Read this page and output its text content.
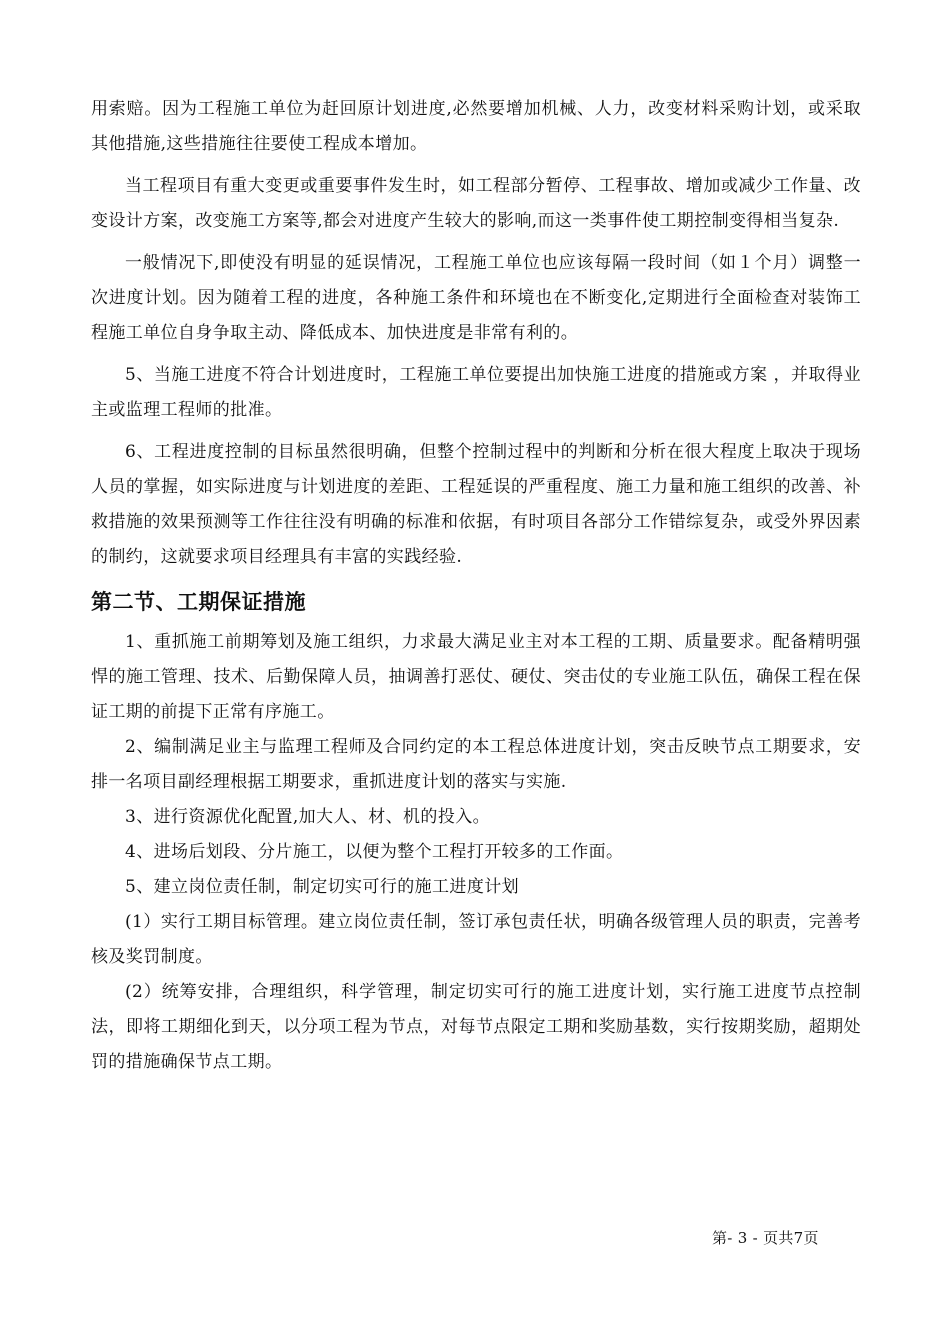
用索赔。因为工程施工单位为赶回原计划进度,必然要增加机械、人力，改变材料采购计划，或采取其他措施,这些措施往往要使工程成本增加。

当工程项目有重大变更或重要事件发生时，如工程部分暂停、工程事故、增加或减少工作量、改变设计方案，改变施工方案等,都会对进度产生较大的影响,而这一类事件使工期控制变得相当复杂.

一般情况下,即使没有明显的延误情况，工程施工单位也应该每隔一段时间（如１个月）调整一次进度计划。因为随着工程的进度，各种施工条件和环境也在不断变化,定期进行全面检查对装饰工程施工单位自身争取主动、降低成本、加快进度是非常有利的。

5、当施工进度不符合计划进度时，工程施工单位要提出加快施工进度的措施或方案 ，并取得业主或监理工程师的批准。

6、工程进度控制的目标虽然很明确，但整个控制过程中的判断和分析在很大程度上取决于现场人员的掌握，如实际进度与计划进度的差距、工程延误的严重程度、施工力量和施工组织的改善、补救措施的效果预测等工作往往没有明确的标准和依据，有时项目各部分工作错综复杂，或受外界因素的制约，这就要求项目经理具有丰富的实践经验.

第二节、工期保证措施

1、重抓施工前期筹划及施工组织，力求最大满足业主对本工程的工期、质量要求。配备精明强悍的施工管理、技术、后勤保障人员，抽调善打恶仗、硬仗、突击仗的专业施工队伍，确保工程在保证工期的前提下正常有序施工。

2、编制满足业主与监理工程师及合同约定的本工程总体进度计划，突击反映节点工期要求，安排一名项目副经理根据工期要求，重抓进度计划的落实与实施.

3、进行资源优化配置,加大人、材、机的投入。

4、进场后划段、分片施工，以便为整个工程打开较多的工作面。

5、建立岗位责任制，制定切实可行的施工进度计划

(1）实行工期目标管理。建立岗位责任制，签订承包责任状，明确各级管理人员的职责，完善考核及奖罚制度。

(2）统筹安排，合理组织，科学管理，制定切实可行的施工进度计划，实行施工进度节点控制法，即将工期细化到天，以分项工程为节点，对每节点限定工期和奖励基数，实行按期奖励，超期处罚的措施确保节点工期。

第- 3 - 页共7页
